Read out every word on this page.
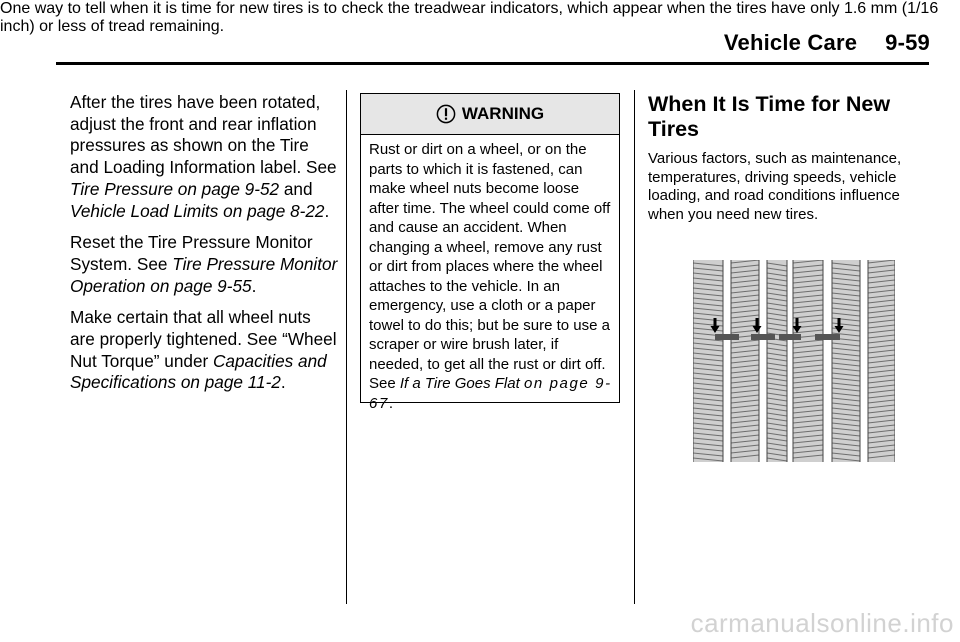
Vehicle Care 9-59

After the tires have been rotated, adjust the front and rear inflation pressures as shown on the Tire and Loading Information label. See Tire Pressure on page 9-52 and Vehicle Load Limits on page 8-22.

Reset the Tire Pressure Monitor System. See Tire Pressure Monitor Operation on page 9-55.

Make certain that all wheel nuts are properly tightened. See “Wheel Nut Torque” under Capacities and Specifications on page 11-2.

WARNING
Rust or dirt on a wheel, or on the parts to which it is fastened, can make wheel nuts become loose after time. The wheel could come off and cause an accident. When changing a wheel, remove any rust or dirt from places where the wheel attaches to the vehicle. In an emergency, use a cloth or a paper towel to do this; but be sure to use a scraper or wire brush later, if needed, to get all the rust or dirt off. See If a Tire Goes Flat on page 9-67.
When It Is Time for New Tires
Various factors, such as maintenance, temperatures, driving speeds, vehicle loading, and road conditions influence when you need new tires.
One way to tell when it is time for new tires is to check the treadwear indicators, which appear when the tires have only 1.6 mm (1/16 inch) or less of tread remaining.
carmanualsonline.info
